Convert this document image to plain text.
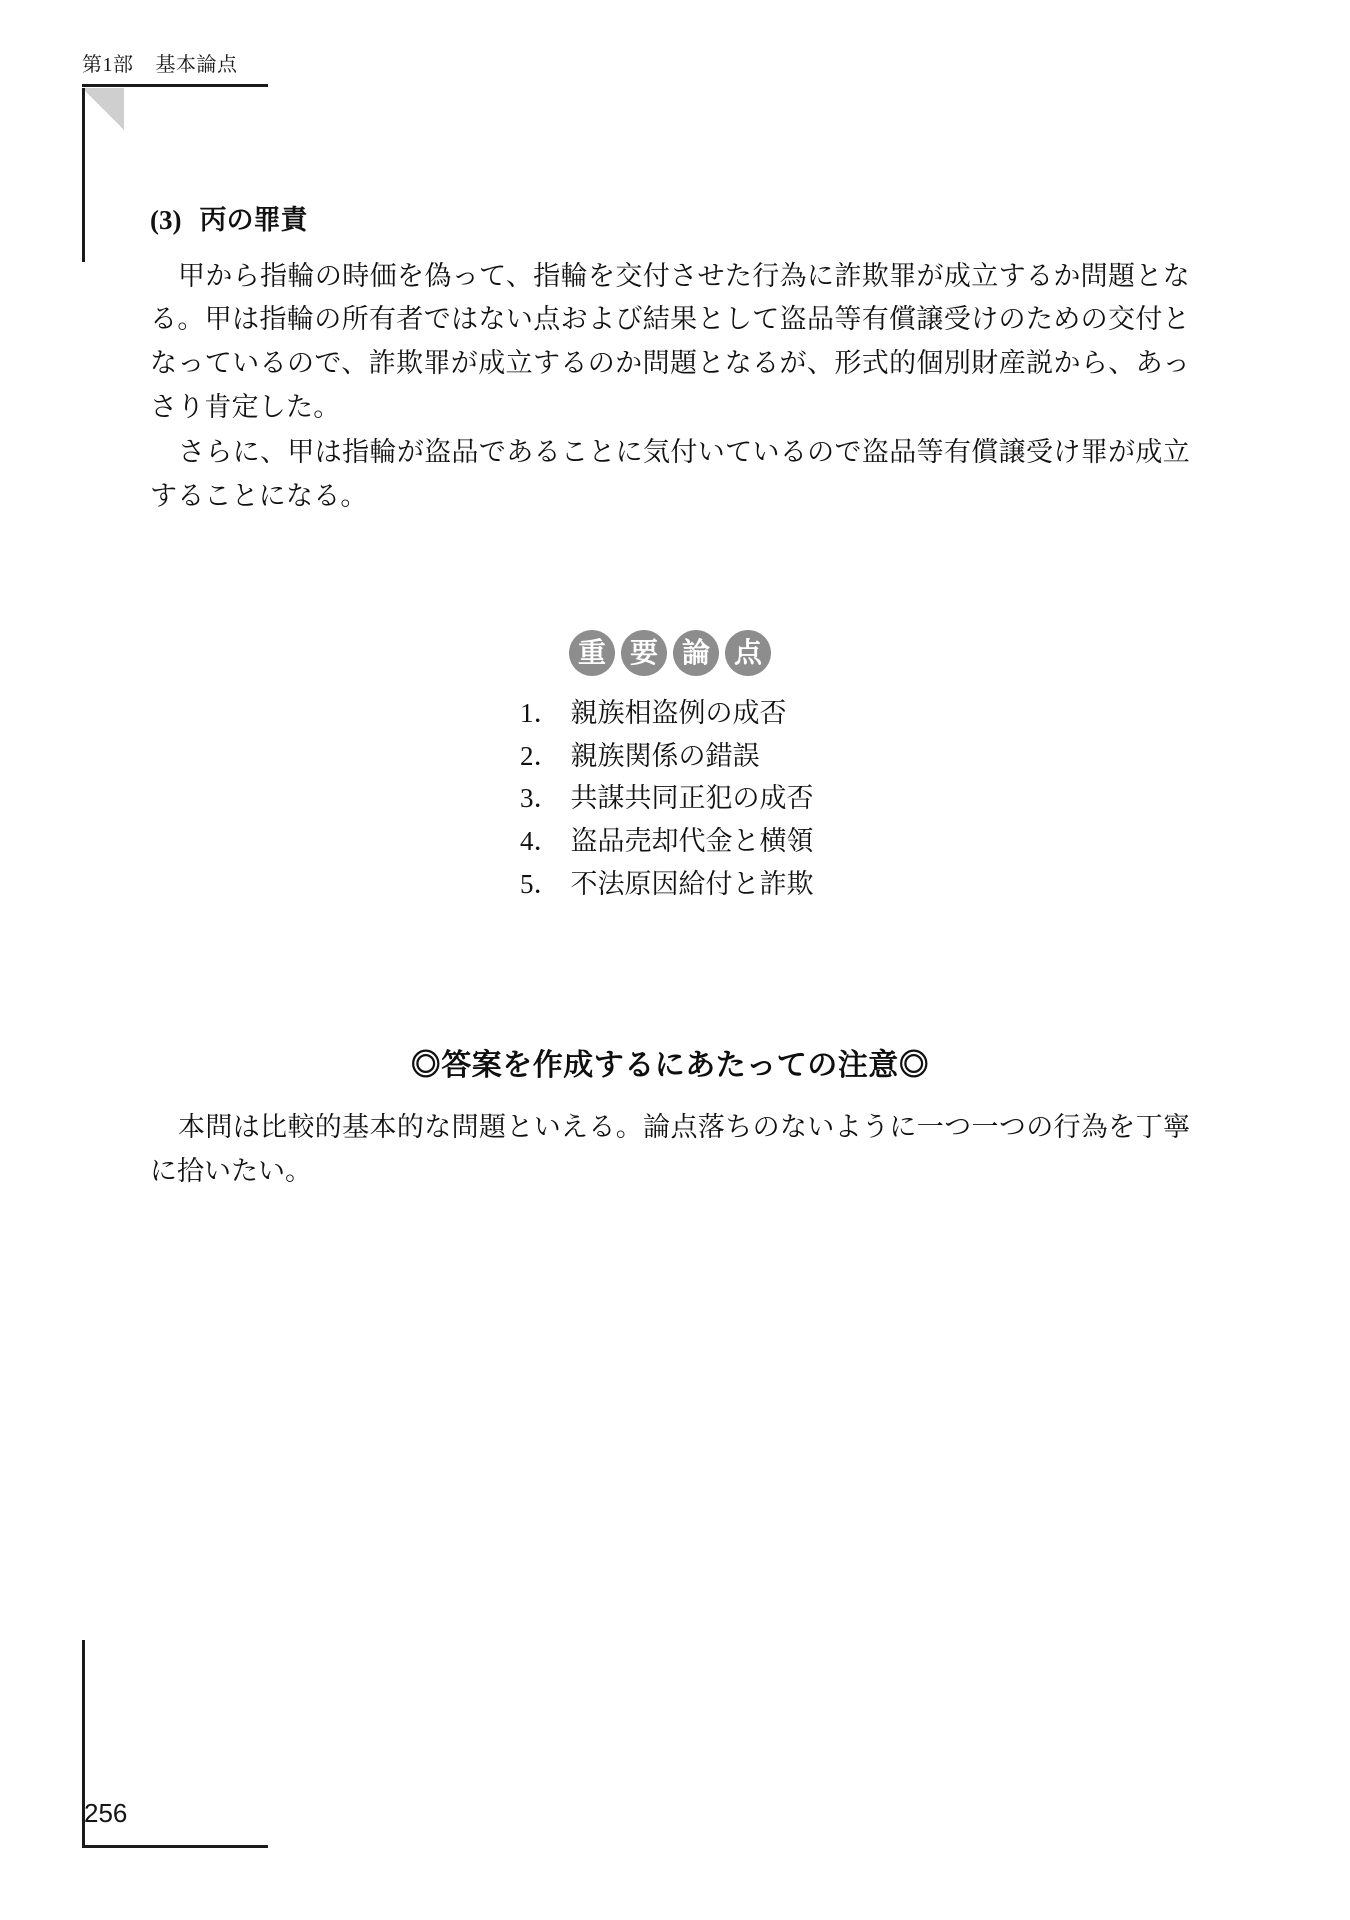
第1部 基本論点
(3) 丙の罪責

甲から指輪の時価を偽って、指輪を交付させた行為に詐欺罪が成立するか問題となる。甲は指輪の所有者ではない点および結果として盗品等有償譲受けのための交付となっているので、詐欺罪が成立するのか問題となるが、形式的個別財産説から、あっさり肯定した。

さらに、甲は指輪が盗品であることに気付いているので盗品等有償譲受け罪が成立することになる。

重 要 論 点
1． 親族相盗例の成否
2． 親族関係の錯誤
3． 共謀共同正犯の成否
4． 盗品売却代金と横領
5． 不法原因給付と詐欺
◎答案を作成するにあたっての注意◎

本問は比較的基本的な問題といえる。論点落ちのないように一つ一つの行為を丁寧に拾いたい。

256
